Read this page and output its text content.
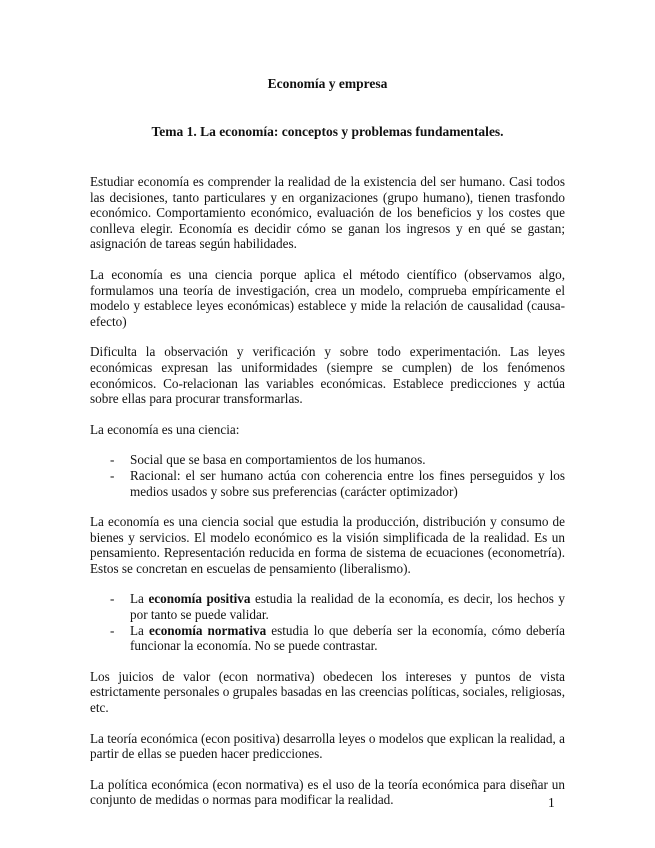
Economía y empresa
Tema 1. La economía: conceptos y problemas fundamentales.

Estudiar economía es comprender la realidad de la existencia del ser humano. Casi todos las decisiones, tanto particulares y en organizaciones (grupo humano), tienen trasfondo económico. Comportamiento económico, evaluación de los beneficios y los costes que conlleva elegir. Economía es decidir cómo se ganan los ingresos y en qué se gastan; asignación de tareas según habilidades.

La economía es una ciencia porque aplica el método científico (observamos algo, formulamos una teoría de investigación, crea un modelo, comprueba empíricamente el modelo y establece leyes económicas) establece y mide la relación de causalidad (causa-efecto)

Dificulta la observación y verificación y sobre todo experimentación. Las leyes económicas expresan las uniformidades (siempre se cumplen) de los fenómenos económicos. Co-relacionan las variables económicas. Establece predicciones y actúa sobre ellas para procurar transformarlas.

La economía es una ciencia:

- Social que se basa en comportamientos de los humanos.
- Racional: el ser humano actúa con coherencia entre los fines perseguidos y los medios usados y sobre sus preferencias (carácter optimizador)

La economía es una ciencia social que estudia la producción, distribución y consumo de bienes y servicios. El modelo económico es la visión simplificada de la realidad. Es un pensamiento. Representación reducida en forma de sistema de ecuaciones (econometría). Estos se concretan en escuelas de pensamiento (liberalismo).

- La economía positiva estudia la realidad de la economía, es decir, los hechos y por tanto se puede validar.
- La economía normativa estudia lo que debería ser la economía, cómo debería funcionar la economía. No se puede contrastar.

Los juicios de valor (econ normativa) obedecen los intereses y puntos de vista estrictamente personales o grupales basadas en las creencias políticas, sociales, religiosas, etc.

La teoría económica (econ positiva) desarrolla leyes o modelos que explican la realidad, a partir de ellas se pueden hacer predicciones.

La política económica (econ normativa) es el uso de la teoría económica para diseñar un conjunto de medidas o normas para modificar la realidad.	1
